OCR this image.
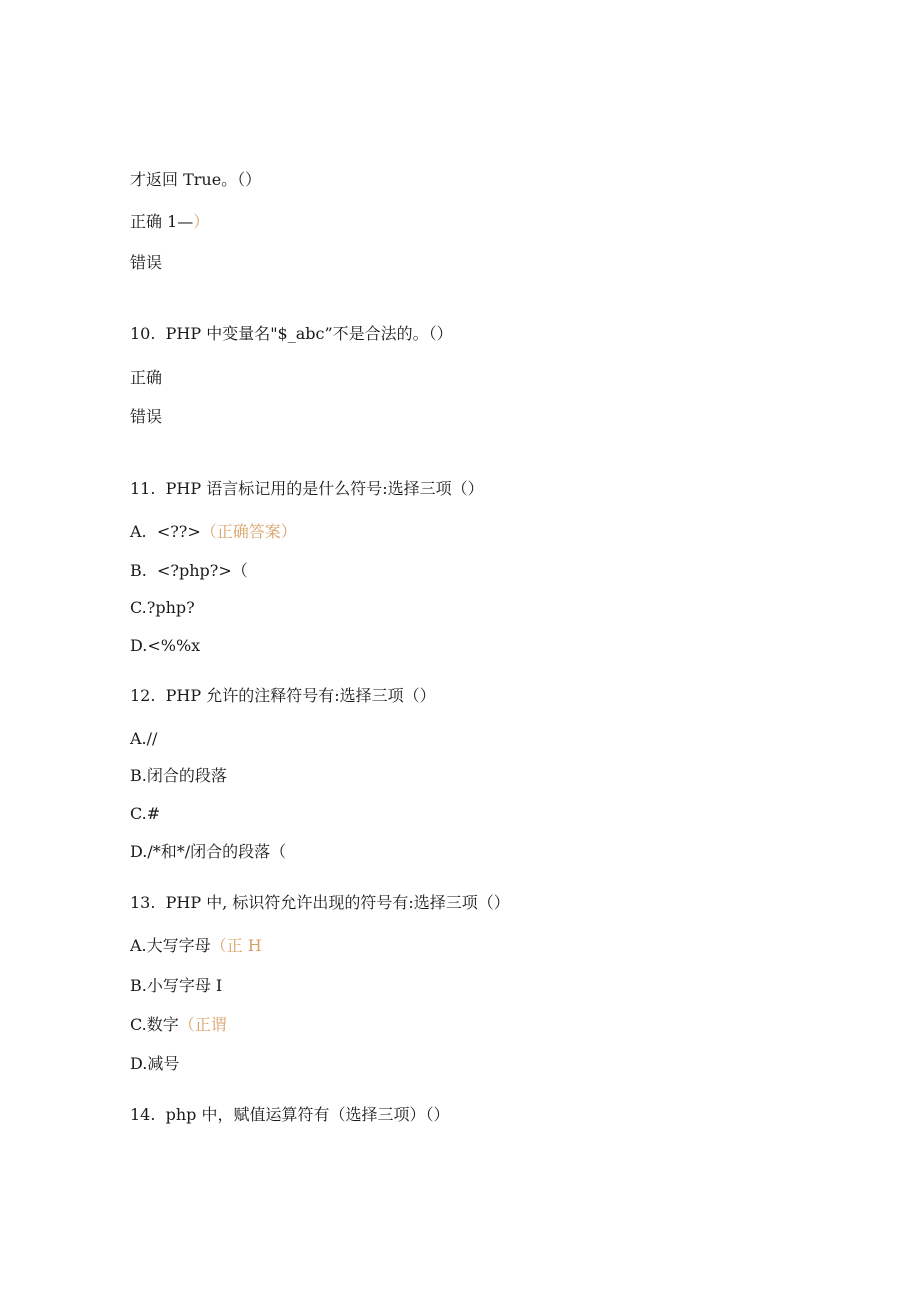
才返回 True。（）
正确 1—）
错误
10.  PHP 中变量名"$_abc”不是合法的。（）
正确
错误
11.  PHP 语言标记用的是什么符号:选择三项（）
A.  <??>（正确答案）
B.  <?php?>（
C.?php?
D.<%%x
12.  PHP 允许的注释符号有:选择三项（）
A.//
B.闭合的段落
C.#
D./*和*/闭合的段落（
13.  PHP 中, 标识符允许出现的符号有:选择三项（）
A.大写字母（正 H
B.小写字母 I
C.数字（正谓
D.减号
14.  php 中，赋值运算符有（选择三项）（）
